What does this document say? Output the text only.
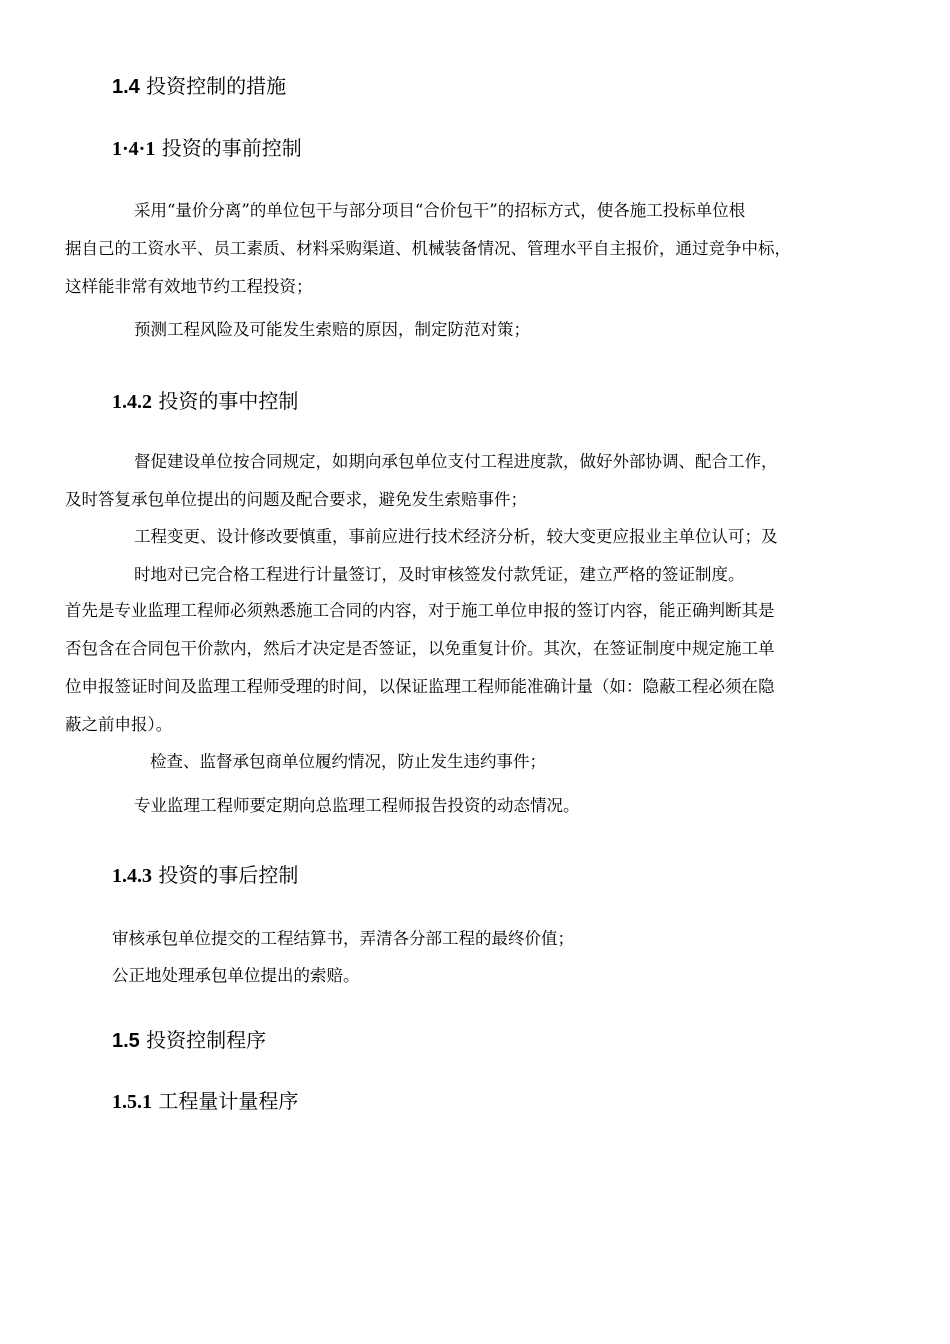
1.4 投资控制的措施
1·4·1 投资的事前控制

采用“量价分离”的单位包干与部分项目“合价包干”的招标方式，使各施工投标单位根

据自己的工资水平、员工素质、材料采购渠道、机械装备情况、管理水平自主报价，通过竞争中标，

这样能非常有效地节约工程投资；

预测工程风险及可能发生索赔的原因，制定防范对策；

1.4.2 投资的事中控制

督促建设单位按合同规定，如期向承包单位支付工程进度款，做好外部协调、配合工作，

及时答复承包单位提出的问题及配合要求，避免发生索赔事件；

工程变更、设计修改要慎重，事前应进行技术经济分析，较大变更应报业主单位认可；及

时地对已完合格工程进行计量签订，及时审核签发付款凭证，建立严格的签证制度。

首先是专业监理工程师必须熟悉施工合同的内容，对于施工单位申报的签订内容，能正确判断其是

否包含在合同包干价款内，然后才决定是否签证，以免重复计价。其次，在签证制度中规定施工单

位申报签证时间及监理工程师受理的时间，以保证监理工程师能准确计量（如：隐蔽工程必须在隐

蔽之前申报）。

检查、监督承包商单位履约情况，防止发生违约事件；

专业监理工程师要定期向总监理工程师报告投资的动态情况。

1.4.3 投资的事后控制

审核承包单位提交的工程结算书，弄清各分部工程的最终价值；

公正地处理承包单位提出的索赔。

1.5 投资控制程序
1.5.1 工程量计量程序
